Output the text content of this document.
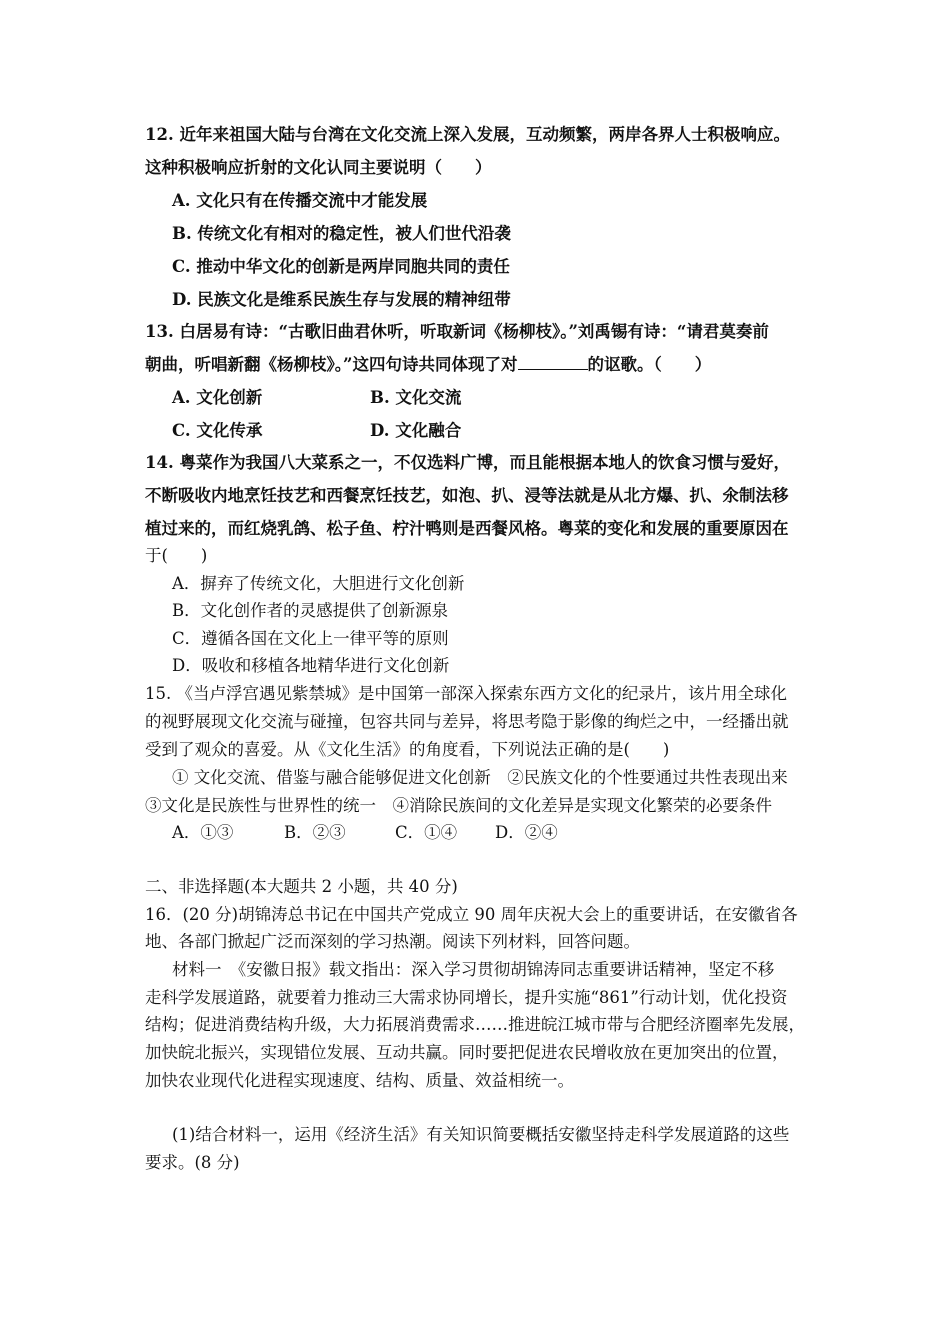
12. 近年来祖国大陆与台湾在文化交流上深入发展，互动频繁，两岸各界人士积极响应。
这种积极响应折射的文化认同主要说明（　　）
A. 文化只有在传播交流中才能发展
B. 传统文化有相对的稳定性，被人们世代沿袭
C. 推动中华文化的创新是两岸同胞共同的责任
D. 民族文化是维系民族生存与发展的精神纽带
13. 白居易有诗：“古歌旧曲君休听，听取新词《杨柳枝》。”刘禹锡有诗：“请君莫奏前
朝曲，听唱新翻《杨柳枝》。”这四句诗共同体现了对	的讴歌。（　　）
A. 文化创新	B. 文化交流
C. 文化传承	D. 文化融合
14. 粤菜作为我国八大菜系之一，不仅选料广博，而且能根据本地人的饮食习惯与爱好，
不断吸收内地烹饪技艺和西餐烹饪技艺，如泡、扒、浸等法就是从北方爆、扒、氽制法移
植过来的，而红烧乳鸽、松子鱼、柠汁鸭则是西餐风格。粤菜的变化和发展的重要原因在
于(　　)
A．摒弃了传统文化，大胆进行文化创新
B．文化创作者的灵感提供了创新源泉
C．遵循各国在文化上一律平等的原则
D．吸收和移植各地精华进行文化创新
15. 《当卢浮宫遇见紫禁城》是中国第一部深入探索东西方文化的纪录片，该片用全球化
的视野展现文化交流与碰撞，包容共同与差异，将思考隐于影像的绚烂之中，一经播出就
受到了观众的喜爱。从《文化生活》的角度看，下列说法正确的是(　　)
① 文化交流、借鉴与融合能够促进文化创新　②民族文化的个性要通过共性表现出来
③文化是民族性与世界性的统一　④消除民族间的文化差异是实现文化繁荣的必要条件
A．①③	B．②③	C．①④ D．②④
二、非选择题(本大题共 2 小题，共 40 分)
16．(20 分)胡锦涛总书记在中国共产党成立 90 周年庆祝大会上的重要讲话，在安徽省各
地、各部门掀起广泛而深刻的学习热潮。阅读下列材料，回答问题。
材料一　《安徽日报》载文指出：深入学习贯彻胡锦涛同志重要讲话精神，坚定不移
走科学发展道路，就要着力推动三大需求协同增长，提升实施“861”行动计划，优化投资
结构；促进消费结构升级，大力拓展消费需求……推进皖江城市带与合肥经济圈率先发展，
加快皖北振兴，实现错位发展、互动共赢。同时要把促进农民增收放在更加突出的位置，
加快农业现代化进程实现速度、结构、质量、效益相统一。
(1)结合材料一，运用《经济生活》有关知识简要概括安徽坚持走科学发展道路的这些
要求。(8 分)
